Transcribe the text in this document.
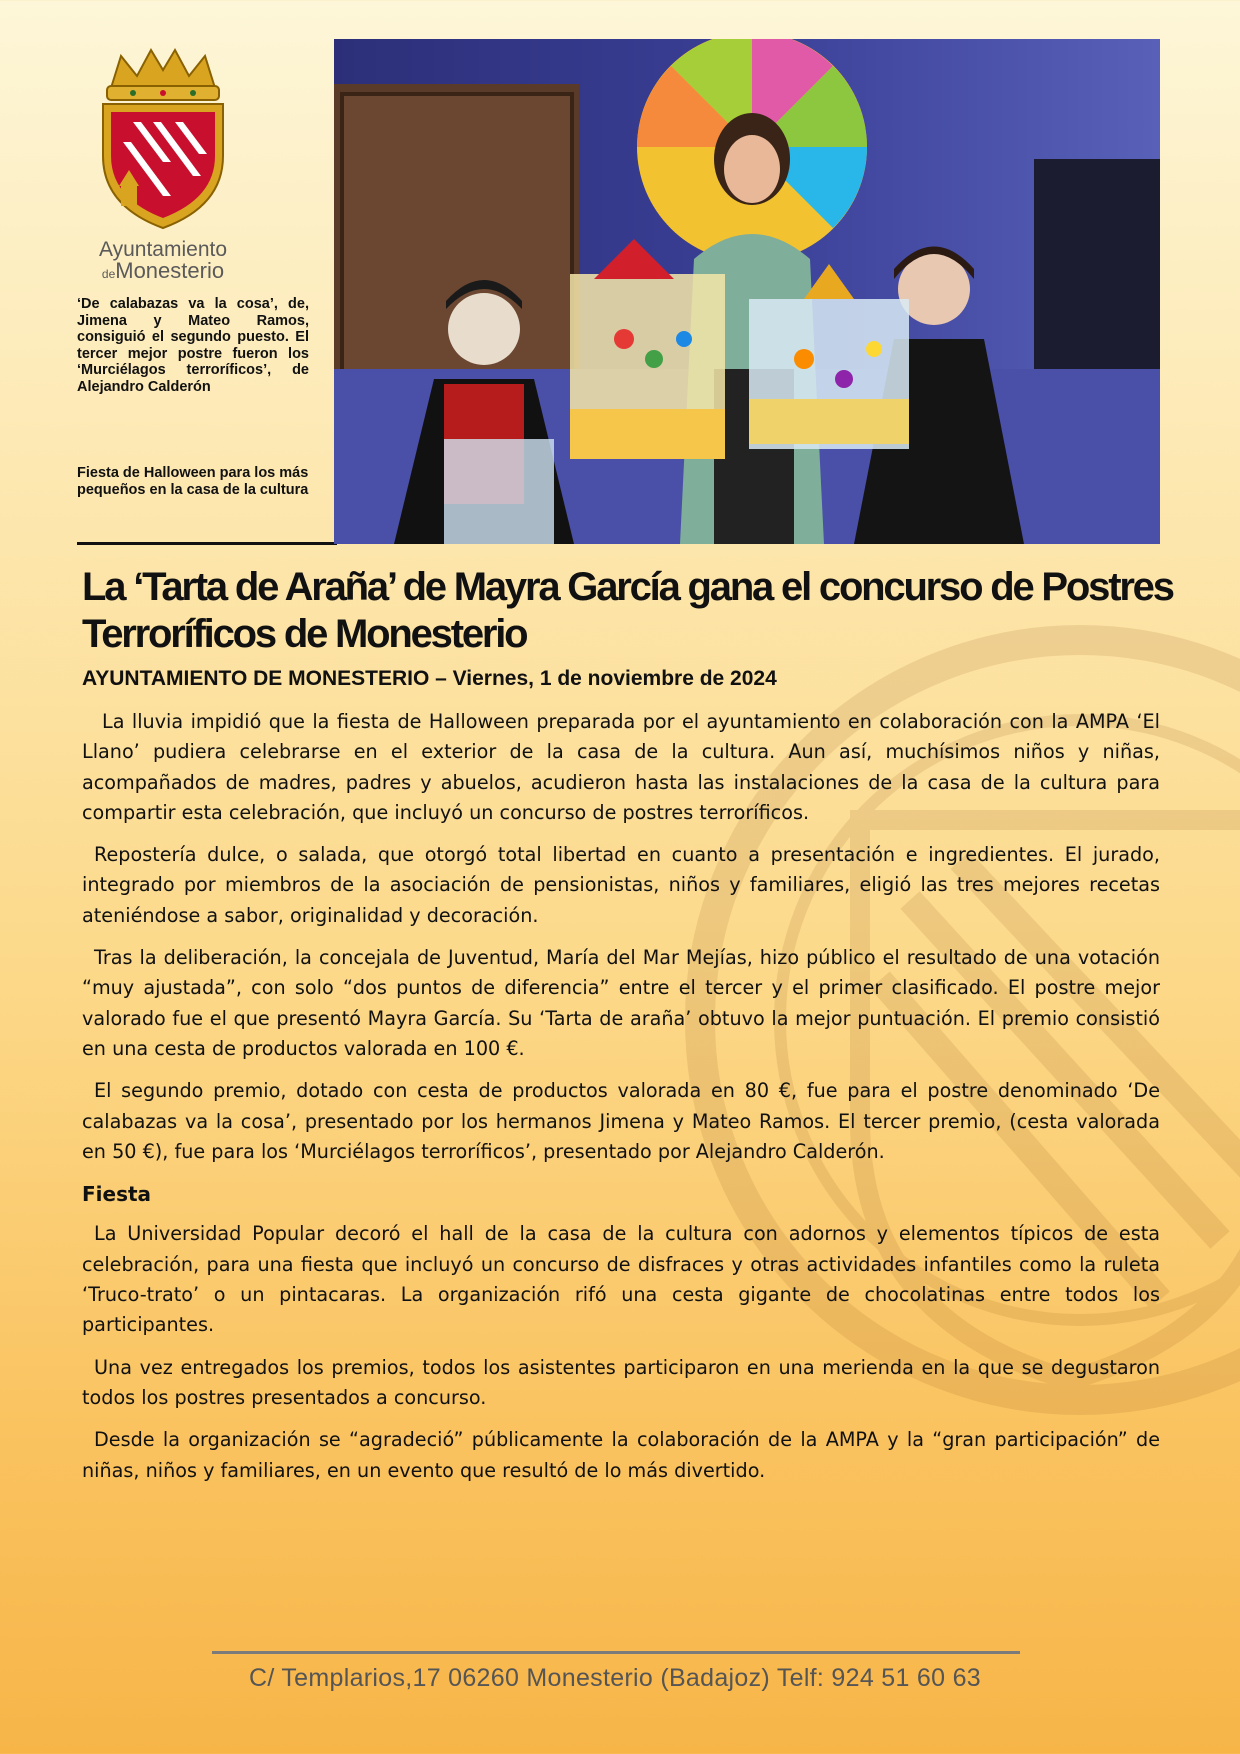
Ayuntamiento
deMonesterio
‘De calabazas va la cosa’, de, Jimena y Mateo Ramos, consiguió el segundo puesto. El tercer mejor postre fueron los ‘Murciélagos terroríficos’, de Alejandro Calderón
Fiesta de Halloween para los más pequeños en la casa de la cultura
La ‘Tarta de Araña’ de Mayra García gana el concurso de Postres Terroríficos de Monesterio

AYUNTAMIENTO DE MONESTERIO – Viernes, 1 de noviembre de 2024

La lluvia impidió que la fiesta de Halloween preparada por el ayuntamiento en colaboración con la AMPA ‘El Llano’ pudiera celebrarse en el exterior de la casa de la cultura. Aun así, muchísimos niños y niñas, acompañados de madres, padres y abuelos, acudieron hasta las instalaciones de la casa de la cultura para compartir esta celebración, que incluyó un concurso de postres terroríficos.

Repostería dulce, o salada, que otorgó total libertad en cuanto a presentación e ingredientes. El jurado, integrado por miembros de la asociación de pensionistas, niños y familiares, eligió las tres mejores recetas ateniéndose a sabor, originalidad y decoración.

Tras la deliberación, la concejala de Juventud, María del Mar Mejías, hizo público el resultado de una votación “muy ajustada”, con solo “dos puntos de diferencia” entre el tercer y el primer clasificado. El postre mejor valorado fue el que presentó Mayra García. Su ‘Tarta de araña’ obtuvo la mejor puntuación. El premio consistió en una cesta de productos valorada en 100 €.

El segundo premio, dotado con cesta de productos valorada en 80 €, fue para el postre denominado ‘De calabazas va la cosa’, presentado por los hermanos Jimena y Mateo Ramos. El tercer premio, (cesta valorada en 50 €), fue para los ‘Murciélagos terroríficos’, presentado por Alejandro Calderón.

Fiesta

La Universidad Popular decoró el hall de la casa de la cultura con adornos y elementos típicos de esta celebración, para una fiesta que incluyó un concurso de disfraces y otras actividades infantiles como la ruleta ‘Truco-trato’ o un pintacaras. La organización rifó una cesta gigante de chocolatinas entre todos los participantes.

Una vez entregados los premios, todos los asistentes participaron en una merienda en la que se degustaron todos los postres presentados a concurso.

Desde la organización se “agradeció” públicamente la colaboración de la AMPA y la “gran participación” de niñas, niños y familiares, en un evento que resultó de lo más divertido.

C/ Templarios,17 06260 Monesterio (Badajoz) Telf: 924 51 60 63
